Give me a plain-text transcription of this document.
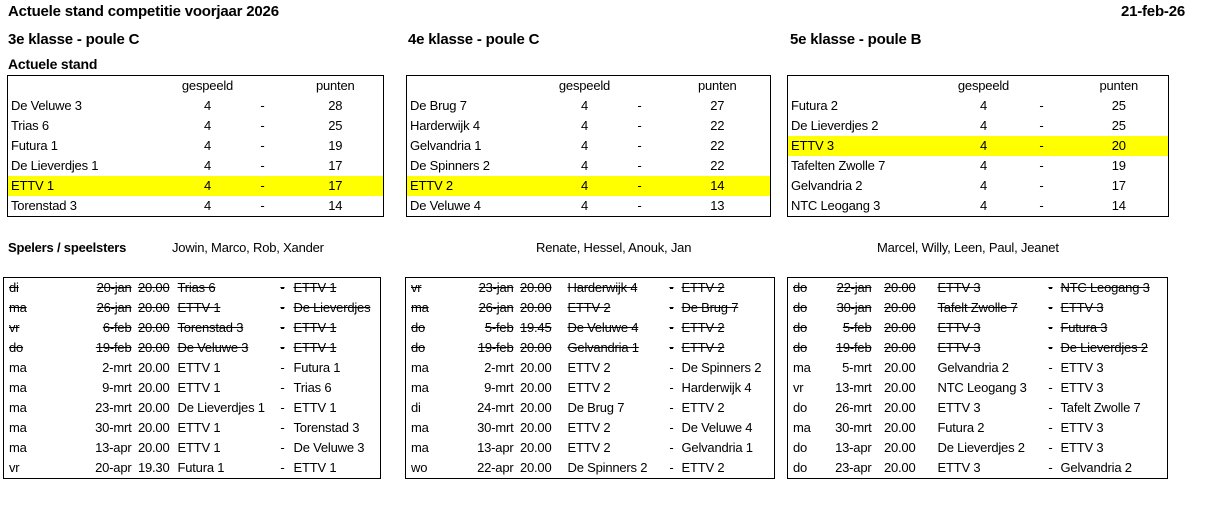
Actuele stand competitie voorjaar 2026	21-feb-26
3e klasse - poule C	4e klasse - poule C	5e klasse - poule B
Actuele stand
	gespeeld		punten
De Veluwe 3	4	-	28
Trias 6	4	-	25
Futura 1	4	-	19
De Lieverdjes 1	4	-	17
ETTV 1	4	-	17
Torenstad 3	4	-	14
	gespeeld		punten
De Brug 7	4	-	27
Harderwijk 4	4	-	22
Gelvandria 1	4	-	22
De Spinners 2	4	-	22
ETTV 2	4	-	14
De Veluwe 4	4	-	13
	gespeeld		punten
Futura 2	4	-	25
De Lieverdjes 2	4	-	25
ETTV 3	4	-	20
Tafelten Zwolle 7	4	-	19
Gelvandria 2	4	-	17
NTC Leogang 3	4	-	14
Spelers / speelsters	Jowin, Marco, Rob, Xander	Renate, Hessel, Anouk, Jan	Marcel, Willy, Leen, Paul, Jeanet
di	20-jan	20.00	Trias 6	-	ETTV 1
ma	26-jan	20.00	ETTV 1	-	De Lieverdjes
vr	6-feb	20.00	Torenstad 3	-	ETTV 1
do	19-feb	20.00	De Veluwe 3	-	ETTV 1
ma	2-mrt	20.00	ETTV 1	-	Futura 1
ma	9-mrt	20.00	ETTV 1	-	Trias 6
ma	23-mrt	20.00	De Lieverdjes 1	-	ETTV 1
ma	30-mrt	20.00	ETTV 1	-	Torenstad 3
ma	13-apr	20.00	ETTV 1	-	De Veluwe 3
vr	20-apr	19.30	Futura 1	-	ETTV 1
vr	23-jan	20.00	Harderwijk 4	-	ETTV 2
ma	26-jan	20.00	ETTV 2	-	De Brug 7
do	5-feb	19.45	De Veluwe 4	-	ETTV 2
do	19-feb	20.00	Gelvandria 1	-	ETTV 2
ma	2-mrt	20.00	ETTV 2	-	De Spinners 2
ma	9-mrt	20.00	ETTV 2	-	Harderwijk 4
di	24-mrt	20.00	De Brug 7	-	ETTV 2
ma	30-mrt	20.00	ETTV 2	-	De Veluwe 4
ma	13-apr	20.00	ETTV 2	-	Gelvandria 1
wo	22-apr	20.00	De Spinners 2	-	ETTV 2
do	22-jan	20.00	ETTV 3	-	NTC Leogang 3
do	30-jan	20.00	Tafelt Zwolle 7	-	ETTV 3
do	5-feb	20.00	ETTV 3	-	Futura 3
do	19-feb	20.00	ETTV 3	-	De Lieverdjes 2
ma	5-mrt	20.00	Gelvandria 2	-	ETTV 3
vr	13-mrt	20.00	NTC Leogang 3	-	ETTV 3
do	26-mrt	20.00	ETTV 3	-	Tafelt Zwolle 7
ma	30-mrt	20.00	Futura 2	-	ETTV 3
do	13-apr	20.00	De Lieverdjes 2	-	ETTV 3
do	23-apr	20.00	ETTV 3	-	Gelvandria 2
